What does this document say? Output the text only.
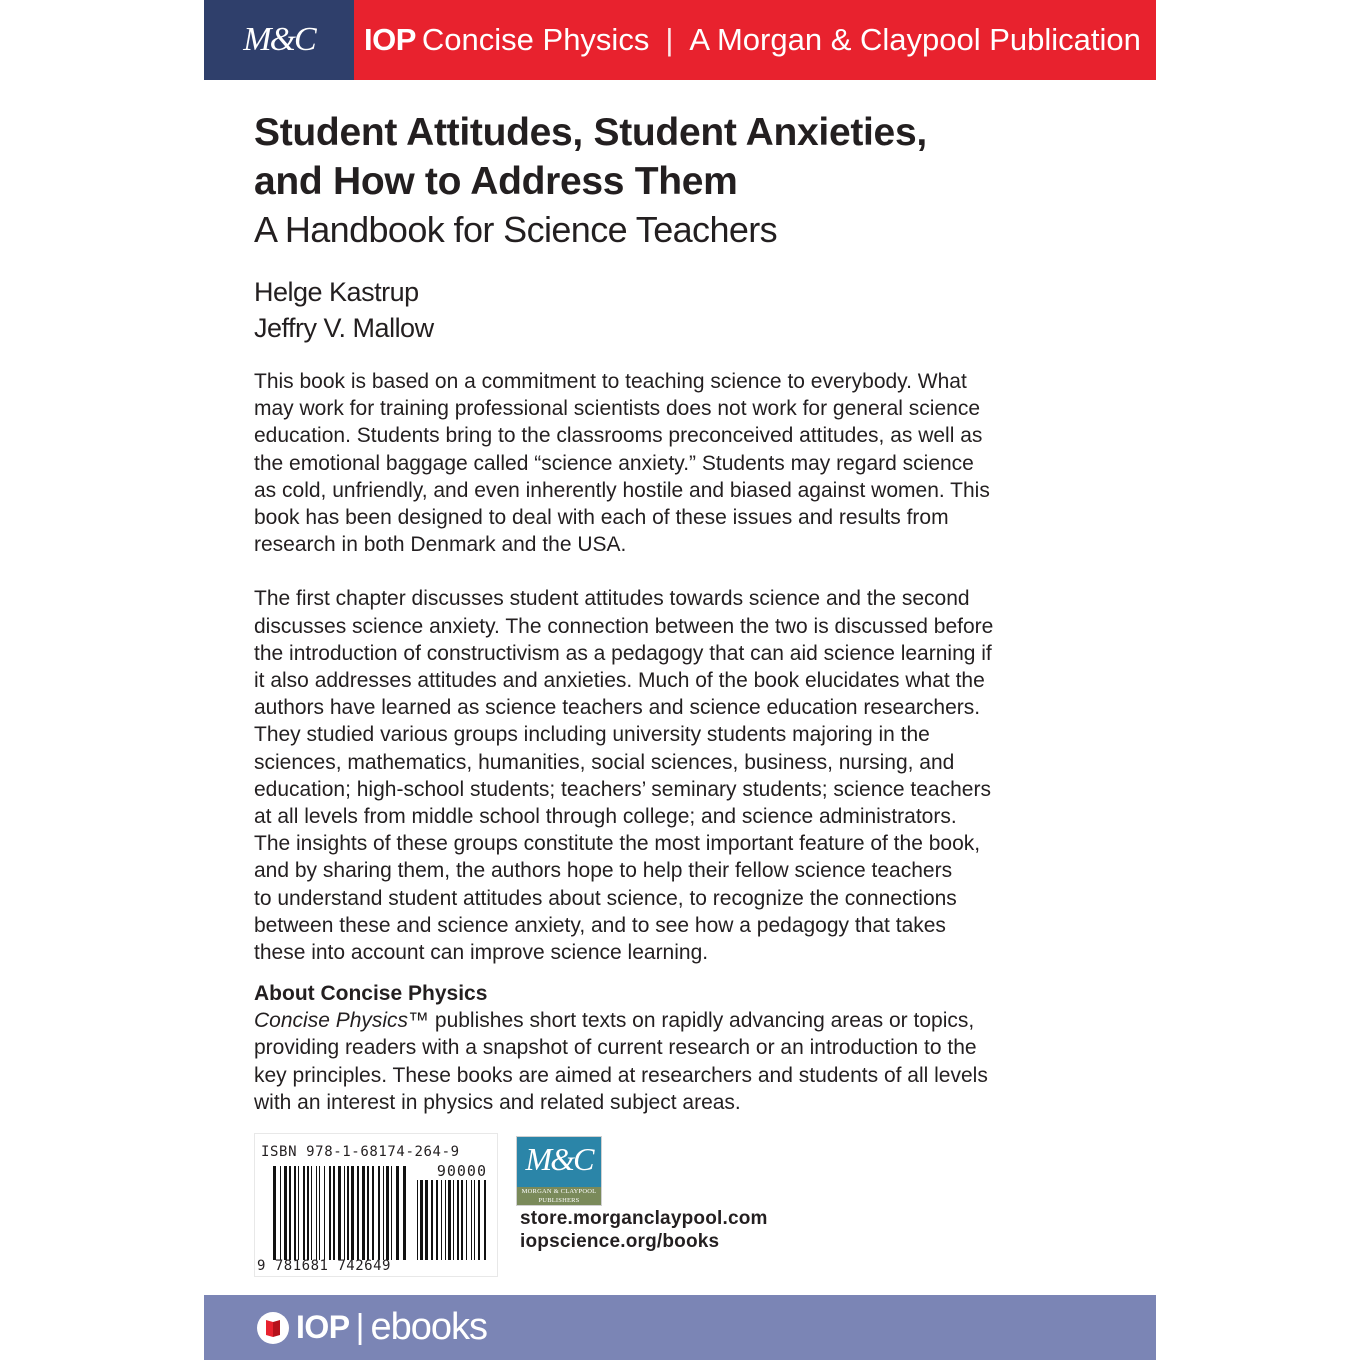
M&C IOP Concise Physics | A Morgan & Claypool Publication
Student Attitudes, Student Anxieties,
and How to Address Them
A Handbook for Science Teachers
Helge Kastrup
Jeffry V. Mallow

This book is based on a commitment to teaching science to everybody. What
may work for training professional scientists does not work for general science
education. Students bring to the classrooms preconceived attitudes, as well as
the emotional baggage called “science anxiety.” Students may regard science
as cold, unfriendly, and even inherently hostile and biased against women. This
book has been designed to deal with each of these issues and results from
research in both Denmark and the USA.

The first chapter discusses student attitudes towards science and the second
discusses science anxiety. The connection between the two is discussed before
the introduction of constructivism as a pedagogy that can aid science learning if
it also addresses attitudes and anxieties. Much of the book elucidates what the
authors have learned as science teachers and science education researchers.
They studied various groups including university students majoring in the
sciences, mathematics, humanities, social sciences, business, nursing, and
education; high-school students; teachers’ seminary students; science teachers
at all levels from middle school through college; and science administrators.
The insights of these groups constitute the most important feature of the book,
and by sharing them, the authors hope to help their fellow science teachers
to understand student attitudes about science, to recognize the connections
between these and science anxiety, and to see how a pedagogy that takes
these into account can improve science learning.

About Concise Physics

Concise Physics™ publishes short texts on rapidly advancing areas or topics,
providing readers with a snapshot of current research or an introduction to the
key principles. These books are aimed at researchers and students of all levels
with an interest in physics and related subject areas.

ISBN 978-1-68174-264-9
90000
9 781681 742649
M&C
MORGAN & CLAYPOOL
PUBLISHERS
store.morganclaypool.com
iopscience.org/books
IOP | ebooks
